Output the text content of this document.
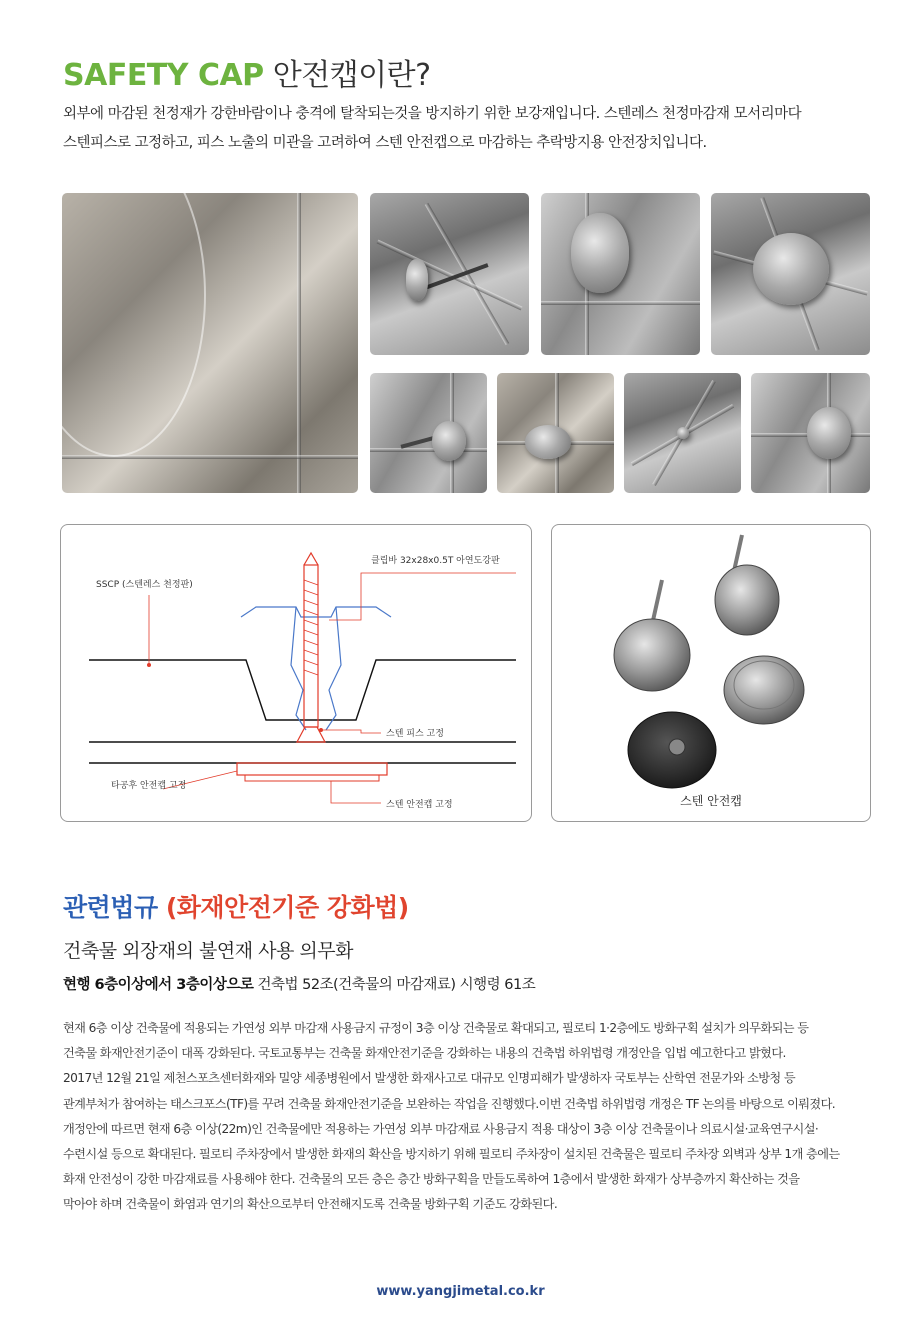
SAFETY CAP 안전캡이란?

외부에 마감된 천정재가 강한바람이나 충격에 탈착되는것을 방지하기 위한 보강재입니다. 스텐레스 천정마감재 모서리마다

스텐피스로 고정하고, 피스 노출의 미관을 고려하여 스텐 안전캡으로 마감하는 추락방지용 안전장치입니다.

클립바 32x28x0.5T 아연도강판
SSCP (스텐레스 천정판)
스텐 피스 고정
타공후 안전캡 고정
스텐 안전캡 고정	스텐 안전캡
관련법규 (화재안전기준 강화법)
건축물 외장재의 불연재 사용 의무화
현행 6층이상에서 3층이상으로 건축법 52조(건축물의 마감재료) 시행령 61조

현재 6층 이상 건축물에 적용되는 가연성 외부 마감재 사용금지 규정이 3층 이상 건축물로 확대되고, 필로티 1·2층에도 방화구획 설치가 의무화되는 등

건축물 화재안전기준이 대폭 강화된다. 국토교통부는 건축물 화재안전기준을 강화하는 내용의 건축법 하위법령 개정안을 입법 예고한다고 밝혔다.

2017년 12월 21일 제천스포츠센터화재와 밀양 세종병원에서 발생한 화재사고로 대규모 인명피해가 발생하자 국토부는 산학연 전문가와 소방청 등

관계부처가 참여하는 태스크포스(TF)를 꾸려 건축물 화재안전기준을 보완하는 작업을 진행했다.이번 건축법 하위법령 개정은 TF 논의를 바탕으로 이뤄졌다.

개정안에 따르면 현재 6층 이상(22m)인 건축물에만 적용하는 가연성 외부 마감재료 사용금지 적용 대상이 3층 이상 건축물이나 의료시설·교육연구시설·

수련시설 등으로 확대된다. 필로티 주차장에서 발생한 화재의 확산을 방지하기 위해 필로티 주차장이 설치된 건축물은 필로티 주차장 외벽과 상부 1개 층에는

화재 안전성이 강한 마감재료를 사용해야 한다. 건축물의 모든 층은 층간 방화구획을 만들도록하여 1층에서 발생한 화재가 상부층까지 확산하는 것을

막아야 하며 건축물이 화염과 연기의 확산으로부터 안전해지도록 건축물 방화구획 기준도 강화된다.

www.yangjimetal.co.kr
